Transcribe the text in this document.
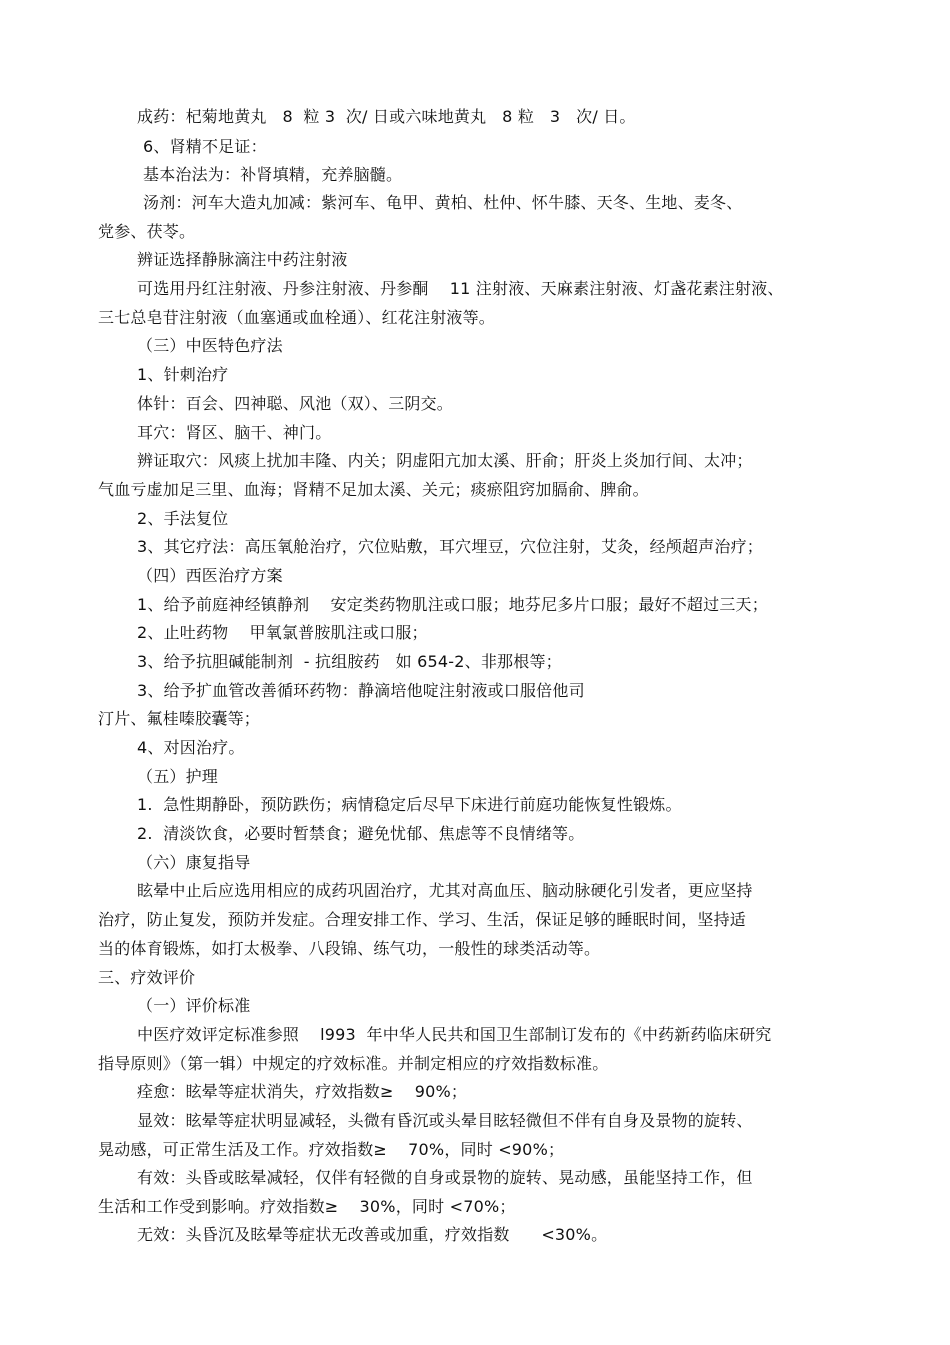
成药：杞菊地黄丸   8  粒 3  次/ 日或六味地黄丸   8 粒   3   次/ 日。
6、肾精不足证：
基本治法为：补肾填精，充养脑髓。
汤剂：河车大造丸加减：紫河车、龟甲、黄柏、杜仲、怀牛膝、天冬、生地、麦冬、
党参、茯苓。
辨证选择静脉滴注中药注射液
可选用丹红注射液、丹参注射液、丹参酮    11 注射液、天麻素注射液、灯盏花素注射液、
三七总皂苷注射液（血塞通或血栓通）、红花注射液等。
（三）中医特色疗法
1、针刺治疗
体针：百会、四神聪、风池（双）、三阴交。
耳穴：肾区、脑干、神门。
辨证取穴：风痰上扰加丰隆、内关；阴虚阳亢加太溪、肝俞；肝炎上炎加行间、太冲；
气血亏虚加足三里、血海；肾精不足加太溪、关元；痰瘀阻窍加膈俞、脾俞。
2、手法复位
3、其它疗法：高压氧舱治疗，穴位贴敷，耳穴埋豆，穴位注射，艾灸，经颅超声治疗；
（四）西医治疗方案
1、给予前庭神经镇静剂    安定类药物肌注或口服；地芬尼多片口服；最好不超过三天；
2、止吐药物    甲氧氯普胺肌注或口服；
3、给予抗胆碱能制剂  - 抗组胺药   如 654-2、非那根等；
3、给予扩血管改善循环药物：静滴培他啶注射液或口服倍他司
汀片、氟桂嗪胶囊等；
4、对因治疗。
（五）护理
1.  急性期静卧，预防跌伤；病情稳定后尽早下床进行前庭功能恢复性锻炼。
2.  清淡饮食，必要时暂禁食；避免忧郁、焦虑等不良情绪等。
（六）康复指导
眩晕中止后应选用相应的成药巩固治疗，尤其对高血压、脑动脉硬化引发者，更应坚持
治疗，防止复发，预防并发症。合理安排工作、学习、生活，保证足够的睡眠时间，坚持适
当的体育锻炼，如打太极拳、八段锦、练气功，一般性的球类活动等。
三、疗效评价
（一）评价标准
中医疗效评定标准参照    l993  年中华人民共和国卫生部制订发布的《中药新药临床研究
指导原则》（第一辑）中规定的疗效标准。并制定相应的疗效指数标准。
痊愈：眩晕等症状消失，疗效指数≥    90%；
显效：眩晕等症状明显减轻，头微有昏沉或头晕目眩轻微但不伴有自身及景物的旋转、
晃动感，可正常生活及工作。疗效指数≥    70%，同时 <90%；
有效：头昏或眩晕减轻，仅伴有轻微的自身或景物的旋转、晃动感，虽能坚持工作，但
生活和工作受到影响。疗效指数≥    30%，同时 <70%；
无效：头昏沉及眩晕等症状无改善或加重，疗效指数      <30%。
